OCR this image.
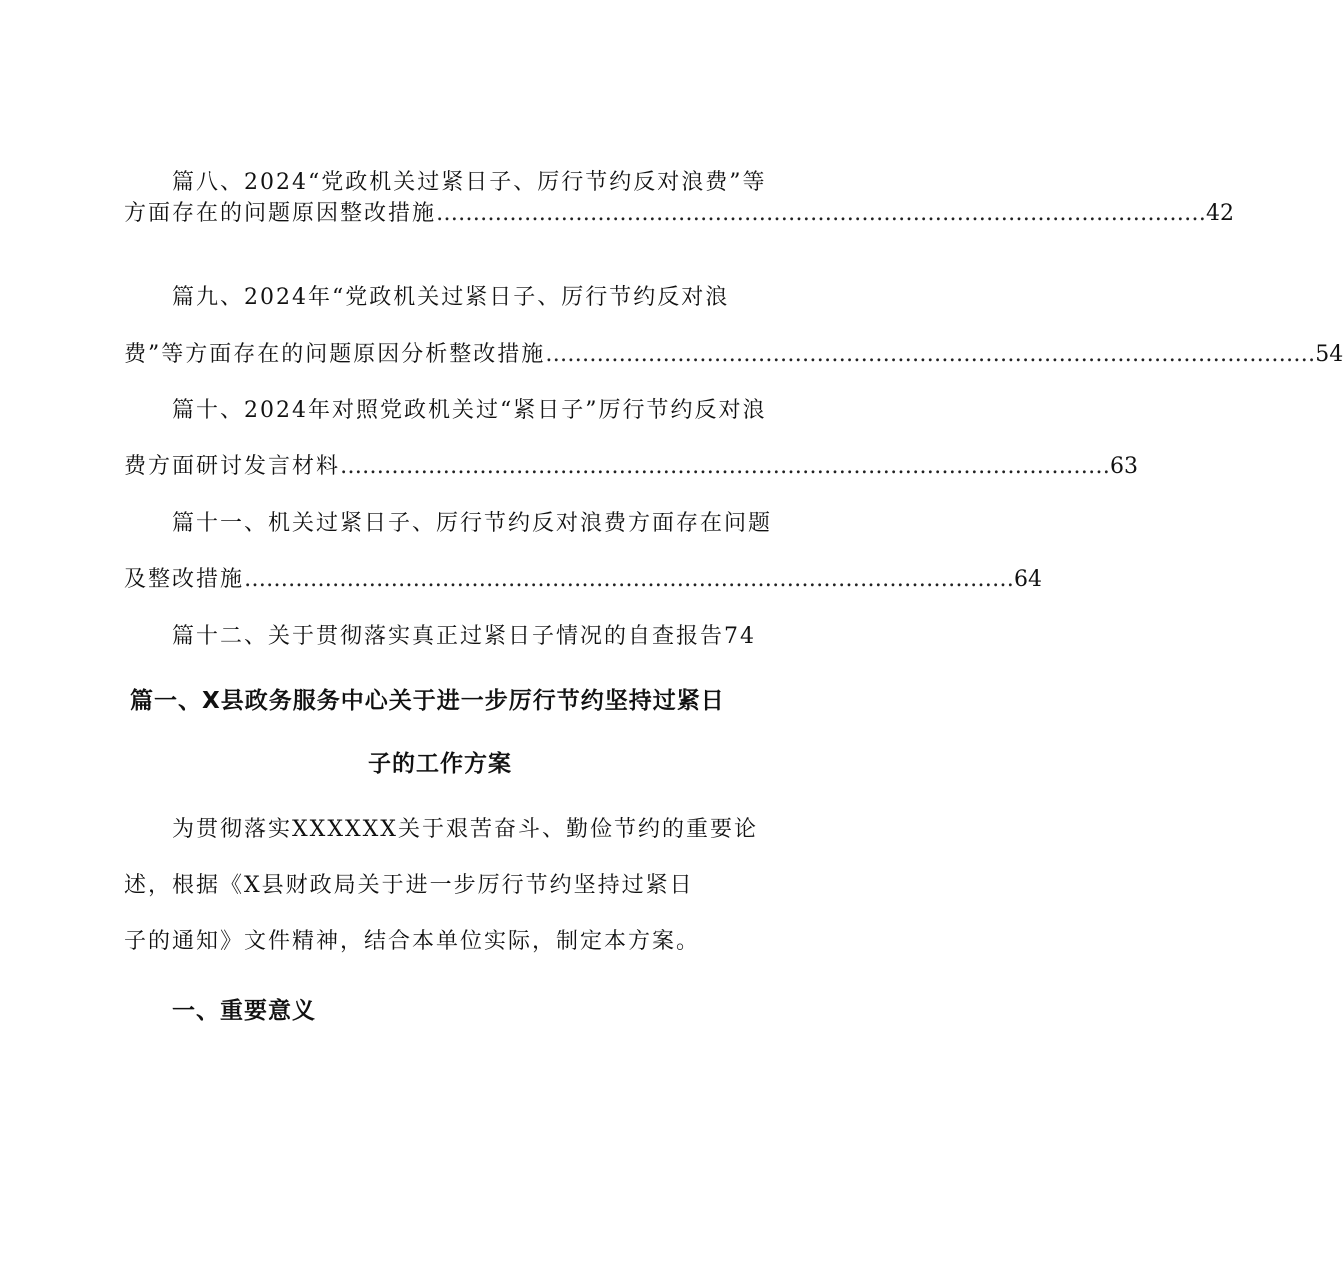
篇八、2024“党政机关过紧日子、厉行节约反对浪费”等
方面存在的问题原因整改措施 …………………………………………………………………………………………… 42
篇九、2024年“党政机关过紧日子、厉行节约反对浪
费”等方面存在的问题原因分析整改措施 …………………………………………………………………………………………… 54
篇十、2024年对照党政机关过“紧日子”厉行节约反对浪
费方面研讨发言材料 …………………………………………………………………………………………… 63
篇十一、机关过紧日子、厉行节约反对浪费方面存在问题
及整改措施 …………………………………………………………………………………………… 64
篇十二、关于贯彻落实真正过紧日子情况的自查报告74
篇一、X县政务服务中心关于进一步厉行节约坚持过紧日
子的工作方案
为贯彻落实XXXXXX关于艰苦奋斗、勤俭节约的重要论
述，根据《X县财政局关于进一步厉行节约坚持过紧日
子的通知》文件精神，结合本单位实际，制定本方案。
一、重要意义
